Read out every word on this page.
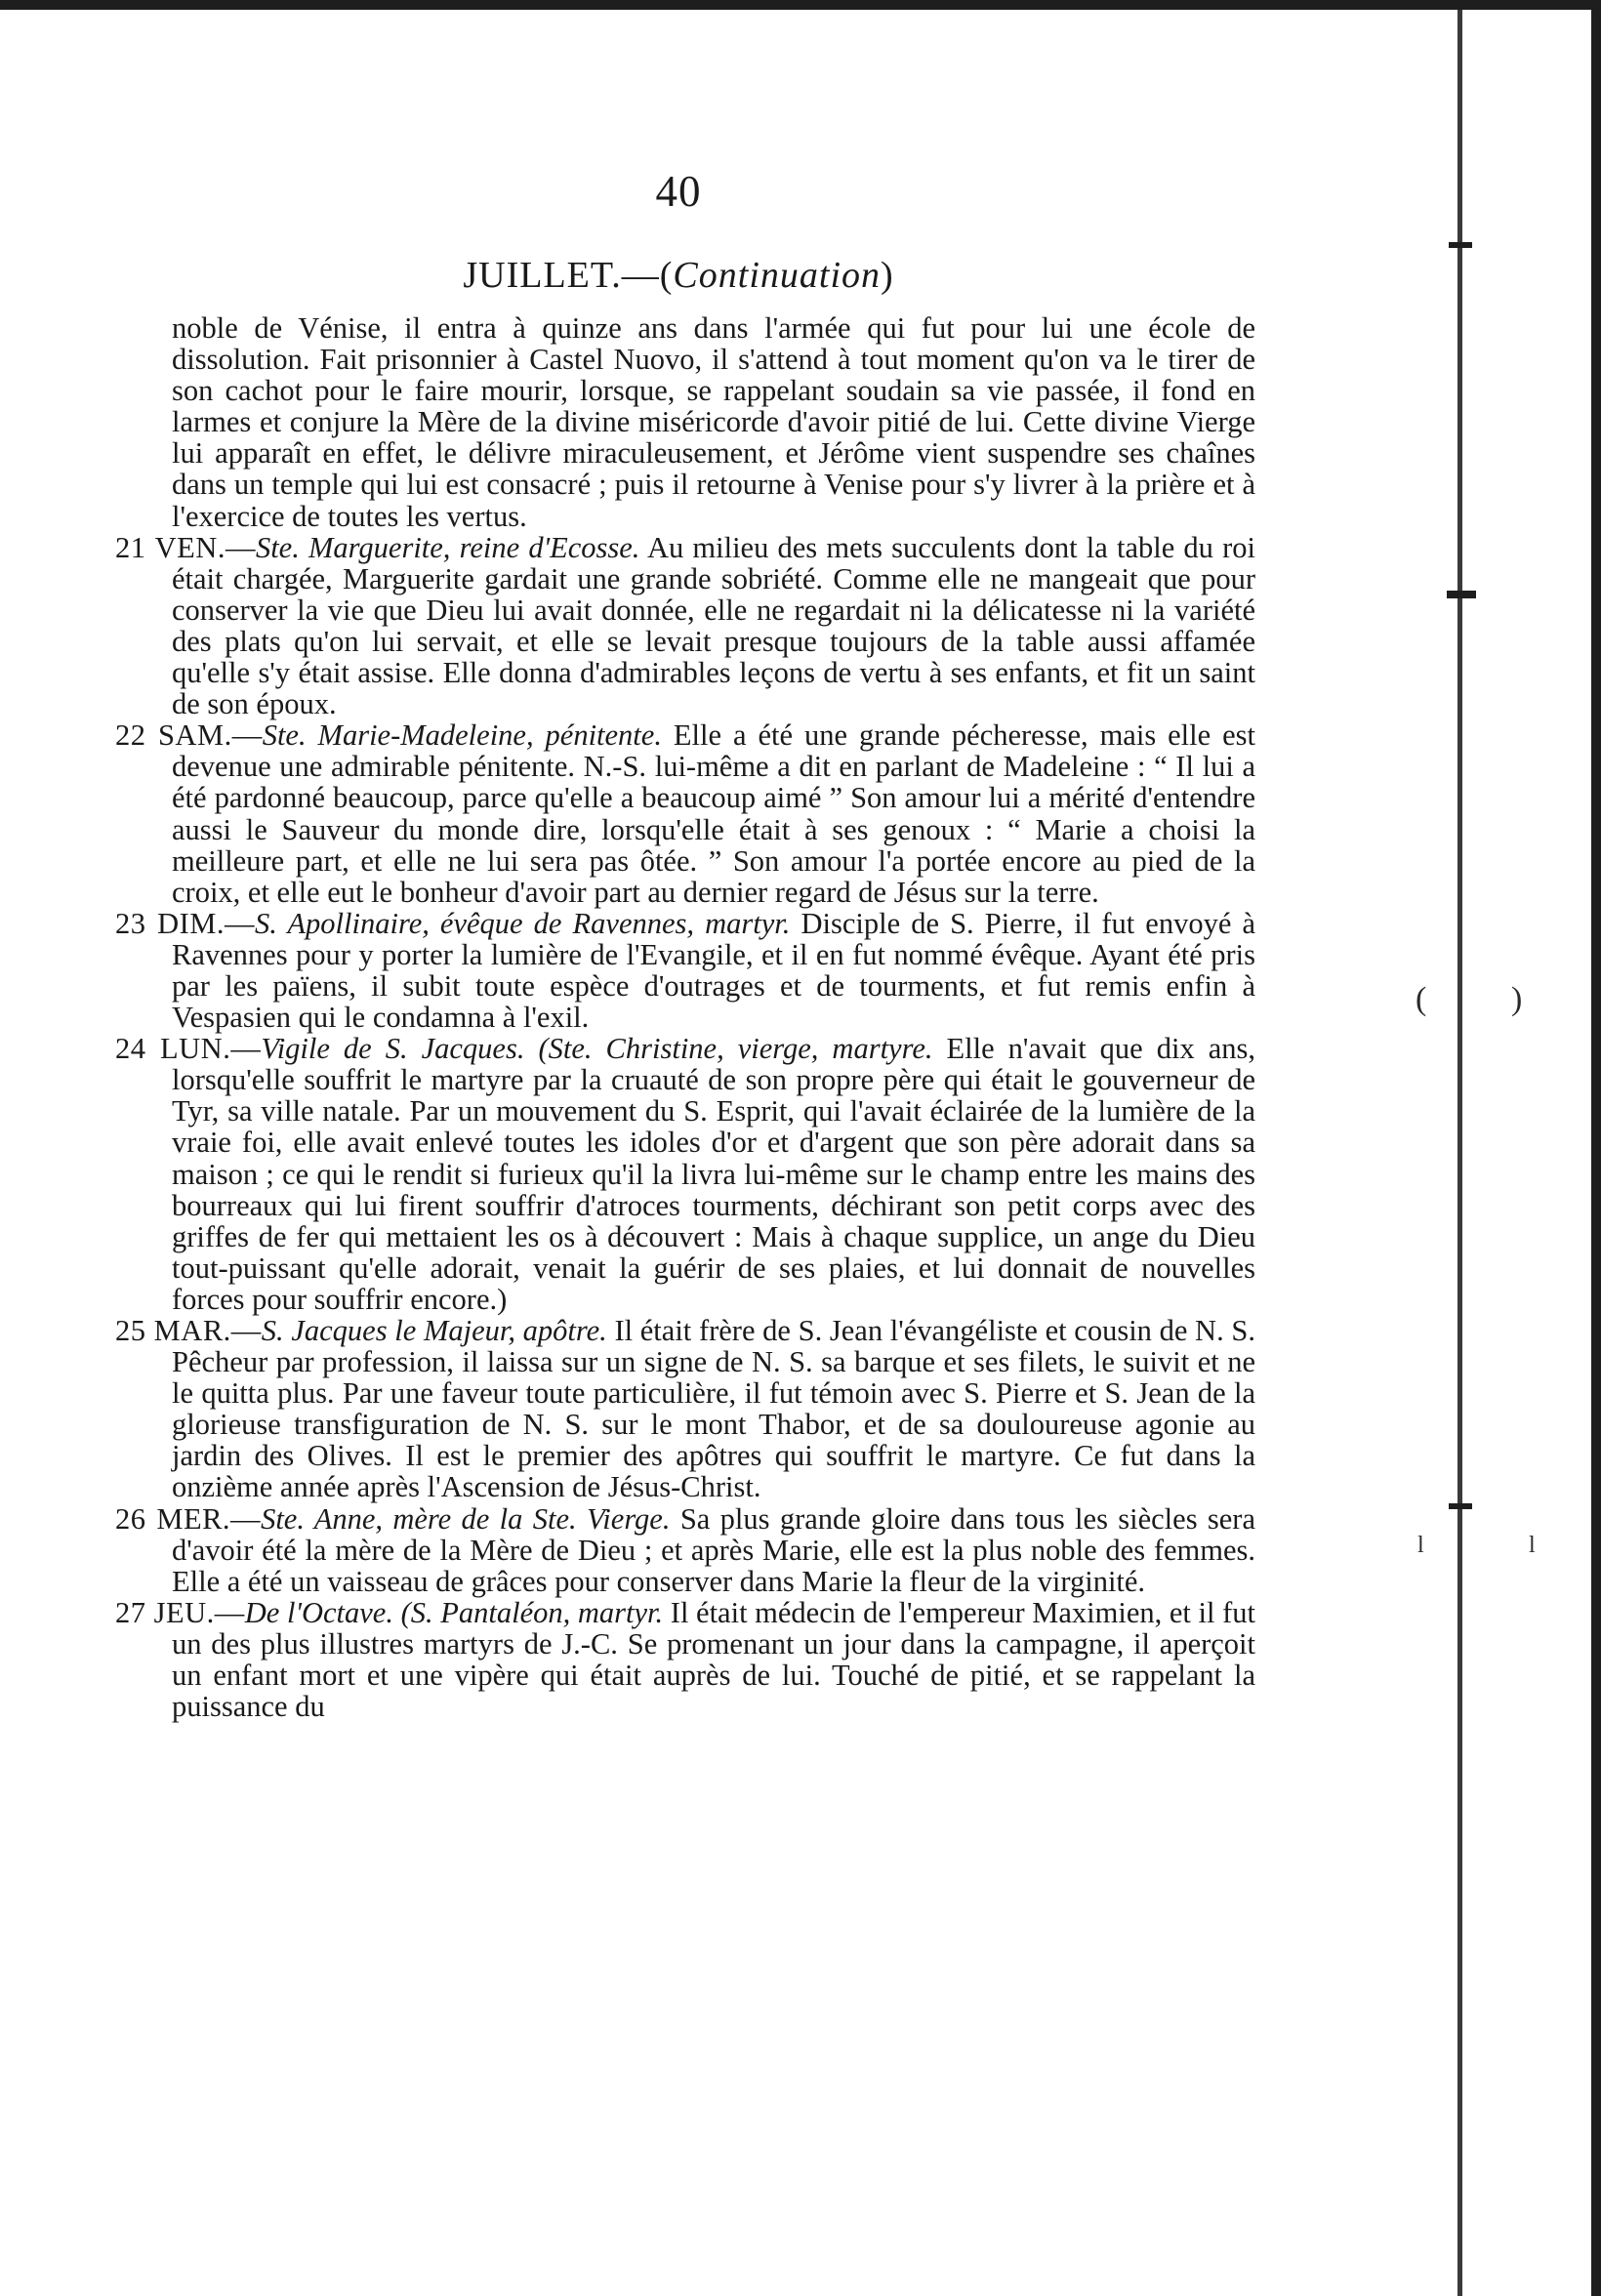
(	)
l	l
40
JUILLET.—(Continuation)

noble de Vénise, il entra à quinze ans dans l'armée qui fut pour lui une école de dissolution. Fait prisonnier à Castel Nuovo, il s'attend à tout moment qu'on va le tirer de son cachot pour le faire mourir, lorsque, se rappelant soudain sa vie passée, il fond en larmes et conjure la Mère de la divine miséricorde d'avoir pitié de lui. Cette divine Vierge lui apparaît en effet, le délivre miraculeusement, et Jérôme vient suspendre ses chaînes dans un temple qui lui est consacré ; puis il retourne à Venise pour s'y livrer à la prière et à l'exercice de toutes les vertus.

21 VEN.—Ste. Marguerite, reine d'Ecosse. Au milieu des mets succulents dont la table du roi était chargée, Marguerite gardait une grande sobriété. Comme elle ne mangeait que pour conserver la vie que Dieu lui avait donnée, elle ne regardait ni la délicatesse ni la variété des plats qu'on lui servait, et elle se levait presque toujours de la table aussi affamée qu'elle s'y était assise. Elle donna d'admirables leçons de vertu à ses enfants, et fit un saint de son époux.

22 SAM.—Ste. Marie-Madeleine, pénitente. Elle a été une grande pécheresse, mais elle est devenue une admirable pénitente. N.-S. lui-même a dit en parlant de Madeleine : “ Il lui a été pardonné beaucoup, parce qu'elle a beaucoup aimé ” Son amour lui a mérité d'entendre aussi le Sauveur du monde dire, lorsqu'elle était à ses genoux : “ Marie a choisi la meilleure part, et elle ne lui sera pas ôtée. ” Son amour l'a portée encore au pied de la croix, et elle eut le bonheur d'avoir part au dernier regard de Jésus sur la terre.

23 DIM.—S. Apollinaire, évêque de Ravennes, martyr. Disciple de S. Pierre, il fut envoyé à Ravennes pour y porter la lumière de l'Evangile, et il en fut nommé évêque. Ayant été pris par les païens, il subit toute espèce d'outrages et de tourments, et fut remis enfin à Vespasien qui le condamna à l'exil.

24 LUN.—Vigile de S. Jacques. (Ste. Christine, vierge, martyre. Elle n'avait que dix ans, lorsqu'elle souffrit le martyre par la cruauté de son propre père qui était le gouverneur de Tyr, sa ville natale. Par un mouvement du S. Esprit, qui l'avait éclairée de la lumière de la vraie foi, elle avait enlevé toutes les idoles d'or et d'argent que son père adorait dans sa maison ; ce qui le rendit si furieux qu'il la livra lui-même sur le champ entre les mains des bourreaux qui lui firent souffrir d'atroces tourments, déchirant son petit corps avec des griffes de fer qui mettaient les os à découvert : Mais à chaque supplice, un ange du Dieu tout-puissant qu'elle adorait, venait la guérir de ses plaies, et lui donnait de nouvelles forces pour souffrir encore.)

25 MAR.—S. Jacques le Majeur, apôtre. Il était frère de S. Jean l'évangéliste et cousin de N. S. Pêcheur par profession, il laissa sur un signe de N. S. sa barque et ses filets, le suivit et ne le quitta plus. Par une faveur toute particulière, il fut témoin avec S. Pierre et S. Jean de la glorieuse transfiguration de N. S. sur le mont Thabor, et de sa douloureuse agonie au jardin des Olives. Il est le premier des apôtres qui souffrit le martyre. Ce fut dans la onzième année après l'Ascension de Jésus-Christ.

26 MER.—Ste. Anne, mère de la Ste. Vierge. Sa plus grande gloire dans tous les siècles sera d'avoir été la mère de la Mère de Dieu ; et après Marie, elle est la plus noble des femmes. Elle a été un vaisseau de grâces pour conserver dans Marie la fleur de la virginité.

27 JEU.—De l'Octave. (S. Pantaléon, martyr. Il était médecin de l'empereur Maximien, et il fut un des plus illustres martyrs de J.-C. Se promenant un jour dans la campagne, il aperçoit un enfant mort et une vipère qui était auprès de lui. Touché de pitié, et se rappelant la puissance du
